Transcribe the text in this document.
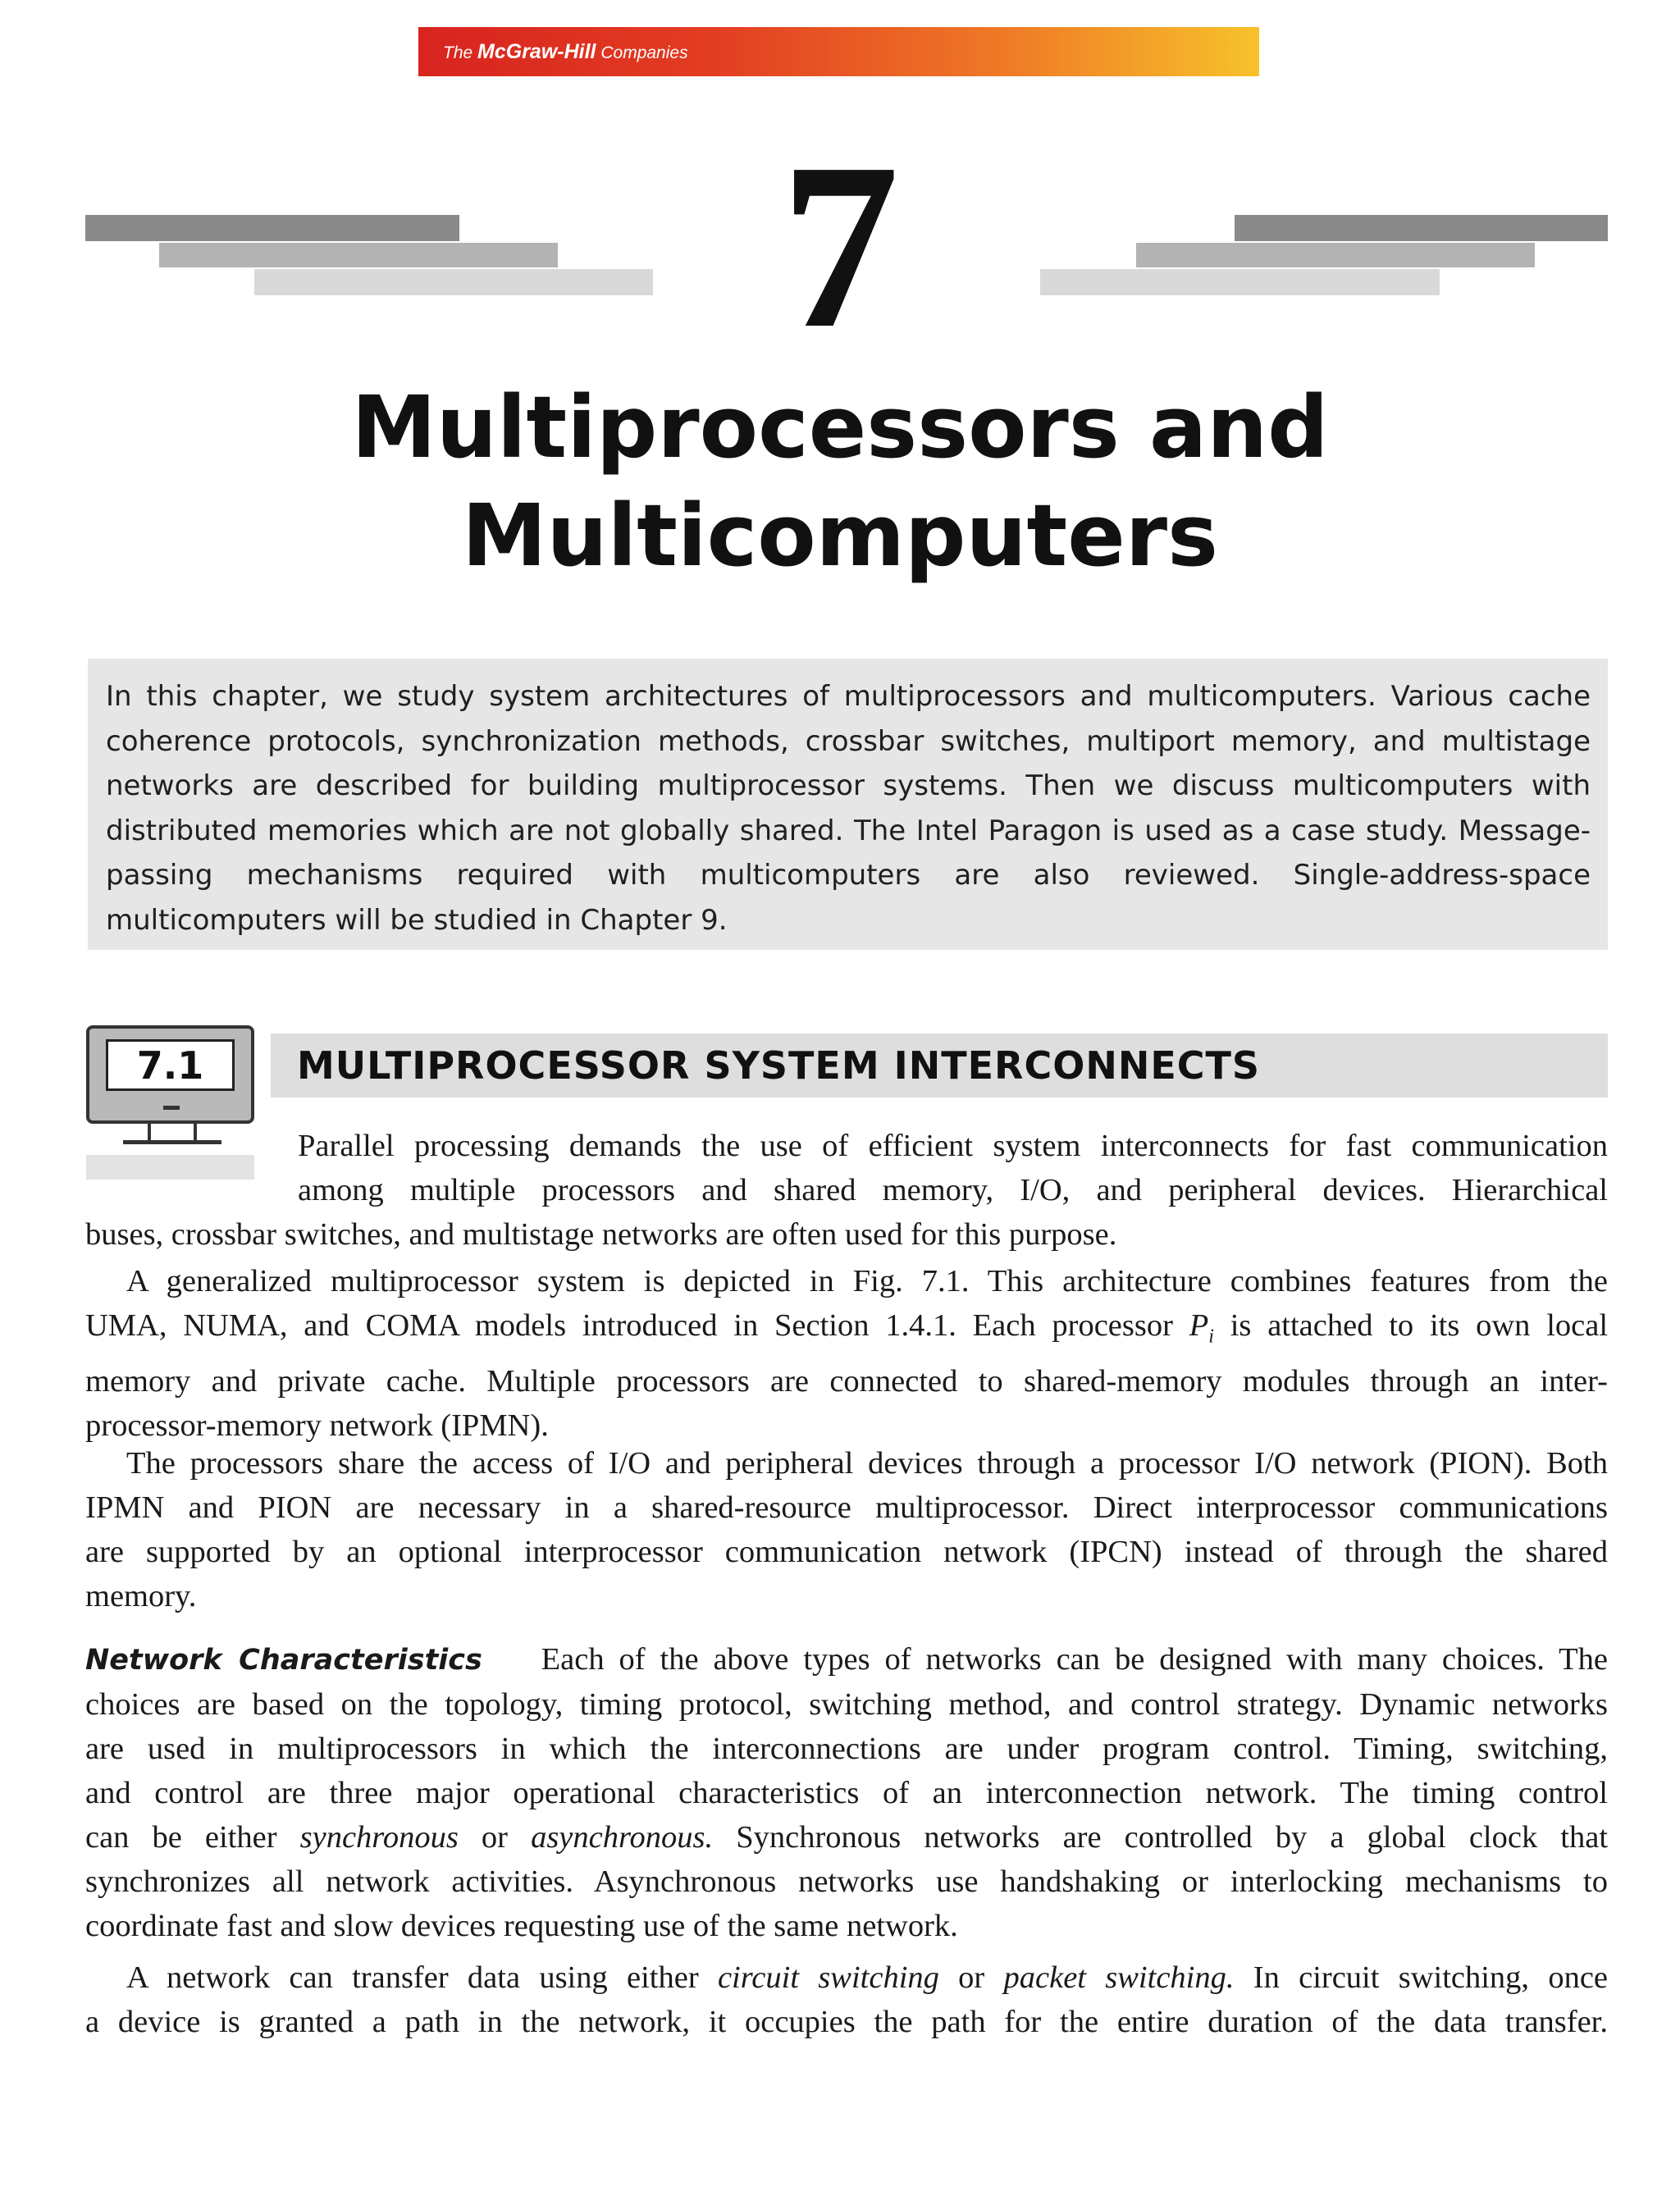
The McGraw-Hill Companies
7
Multiprocessors and
Multicomputers
In this chapter, we study system architectures of multiprocessors and multicomputers. Various cache coherence protocols, synchronization methods, crossbar switches, multiport memory, and multistage networks are described for building multiprocessor systems. Then we discuss multicomputers with distributed memories which are not globally shared. The Intel Paragon is used as a case study. Message-passing mechanisms required with multicomputers are also reviewed. Single-address-space multicomputers will be studied in Chapter 9.
7.1	MULTIPROCESSOR SYSTEM INTERCONNECTS
Parallel processing demands the use of efficient system interconnects for fast communication
among multiple processors and shared memory, I/O, and peripheral devices. Hierarchical
buses, crossbar switches, and multistage networks are often used for this purpose.
A generalized multiprocessor system is depicted in Fig. 7.1. This architecture combines features from the
UMA, NUMA, and COMA models introduced in Section 1.4.1. Each processor $P_i$ is attached to its own local
memory and private cache. Multiple processors are connected to shared-memory modules through an inter-
processor-memory network (IPMN).
The processors share the access of I/O and peripheral devices through a processor I/O network (PION). Both
IPMN and PION are necessary in a shared-resource multiprocessor. Direct interprocessor communications
are supported by an optional interprocessor communication network (IPCN) instead of through the shared
memory.
Network Characteristics Each of the above types of networks can be designed with many choices. The
choices are based on the topology, timing protocol, switching method, and control strategy. Dynamic networks
are used in multiprocessors in which the interconnections are under program control. Timing, switching,
and control are three major operational characteristics of an interconnection network. The timing control
can be either synchronous or asynchronous. Synchronous networks are controlled by a global clock that
synchronizes all network activities. Asynchronous networks use handshaking or interlocking mechanisms to
coordinate fast and slow devices requesting use of the same network.
A network can transfer data using either circuit switching or packet switching. In circuit switching, once
a device is granted a path in the network, it occupies the path for the entire duration of the data transfer.
